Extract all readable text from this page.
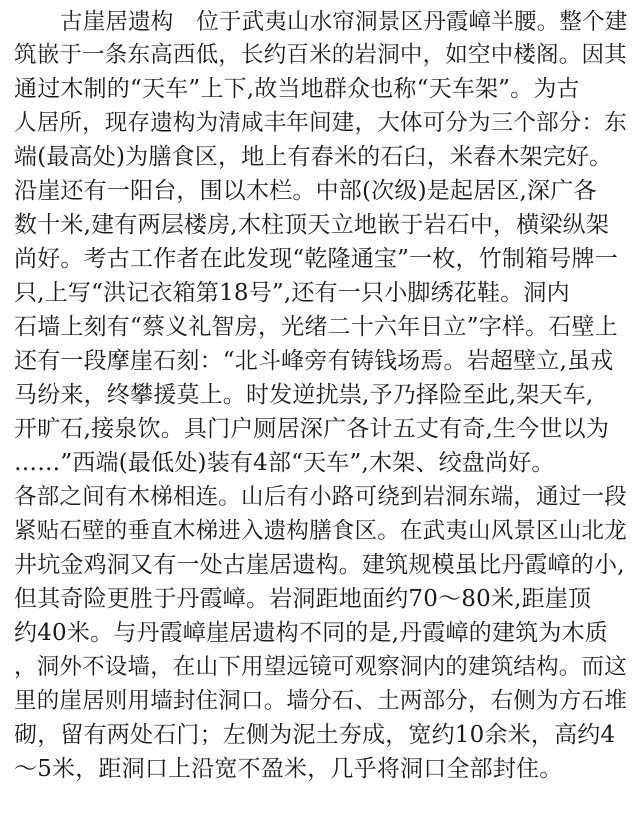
古崖居遗构　位于武夷山水帘洞景区丹霞嶂半腰。整个建
筑嵌于一条东高西低，长约百米的岩洞中，如空中楼阁。因其
通过木制的“天车”上下,故当地群众也称“天车架”。为古
人居所，现存遗构为清咸丰年间建，大体可分为三个部分：东
端(最高处)为膳食区，地上有舂米的石臼，米舂木架完好。
沿崖还有一阳台，围以木栏。中部(次级)是起居区,深广各
数十米,建有两层楼房,木柱顶天立地嵌于岩石中，横梁纵架
尚好。考古工作者在此发现“乾隆通宝”一枚，竹制箱号牌一
只,上写“洪记衣箱第18号”,还有一只小脚绣花鞋。洞内
石墙上刻有“蔡义礼智房，光绪二十六年日立”字样。石壁上
还有一段摩崖石刻：“北斗峰旁有铸钱场焉。岩超壁立,虽戎
马纷来，终攀援莫上。时发逆扰祟,予乃择险至此,架天车,
开旷石,接泉饮。具门户厕居深广各计五丈有奇,生今世以为
……”西端(最低处)装有4部“天车”,木架、绞盘尚好。
各部之间有木梯相连。山后有小路可绕到岩洞东端，通过一段
紧贴石壁的垂直木梯进入遗构膳食区。在武夷山风景区山北龙
井坑金鸡洞又有一处古崖居遗构。建筑规模虽比丹霞嶂的小,
但其奇险更胜于丹霞嶂。岩洞距地面约70～80米,距崖顶
约40米。与丹霞嶂崖居遗构不同的是,丹霞嶂的建筑为木质
，洞外不设墙，在山下用望远镜可观察洞内的建筑结构。而这
里的崖居则用墙封住洞口。墙分石、土两部分，右侧为方石堆
砌，留有两处石门；左侧为泥土夯成，宽约10余米，高约4
～5米，距洞口上沿宽不盈米，几乎将洞口全部封住。
